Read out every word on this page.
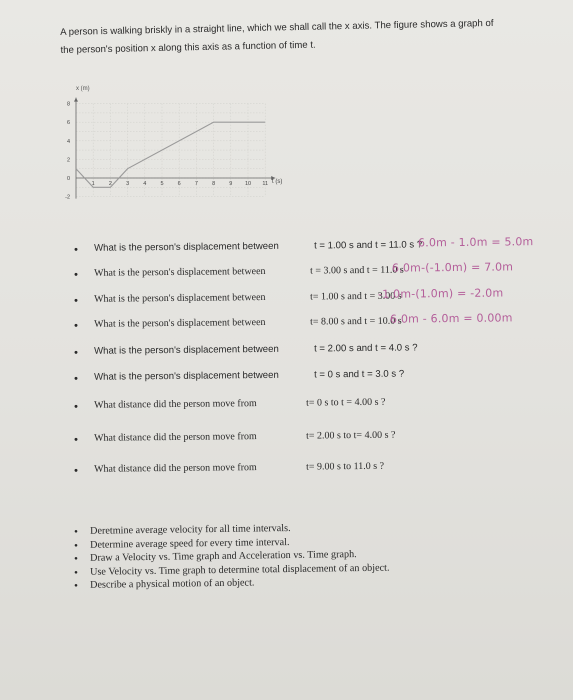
A person is walking briskly in a straight line, which we shall call the x axis. The figure shows a graph of
the person's position x along this axis as a function of time t.
8
6
4
2
0
-2
1	2	3	4	5	6	7	8	9 10 11
x (m)
t (s)
• What is the person's displacement between	t = 1.00 s and t = 11.0 s ?
6.0m - 1.0m = 5.0m
• What is the person's displacement between	t = 3.00 s and t = 11.0 s
6.0m-(-1.0m) = 7.0m
• What is the person's displacement between	t= 1.00 s and t = 3.00 s
-1.0m-(1.0m) = -2.0m
• What is the person's displacement between	t= 8.00 s and t = 10.0 s
6.0m - 6.0m = 0.00m
• What is the person's displacement between	t = 2.00 s and t = 4.0 s ?
• What is the person's displacement between	t = 0 s and t = 3.0 s ?
• What distance did the person move from	t= 0 s to t = 4.00 s ?
• What distance did the person move from	t= 2.00 s to t= 4.00 s ?
• What distance did the person move from	t= 9.00 s to 11.0 s ?
• Deretmine average velocity for all time intervals.
• Determine average speed for every time interval.
• Draw a Velocity vs. Time graph and Acceleration vs. Time graph.
• Use Velocity vs. Time graph to determine total displacement of an object.
• Describe a physical motion of an object.
